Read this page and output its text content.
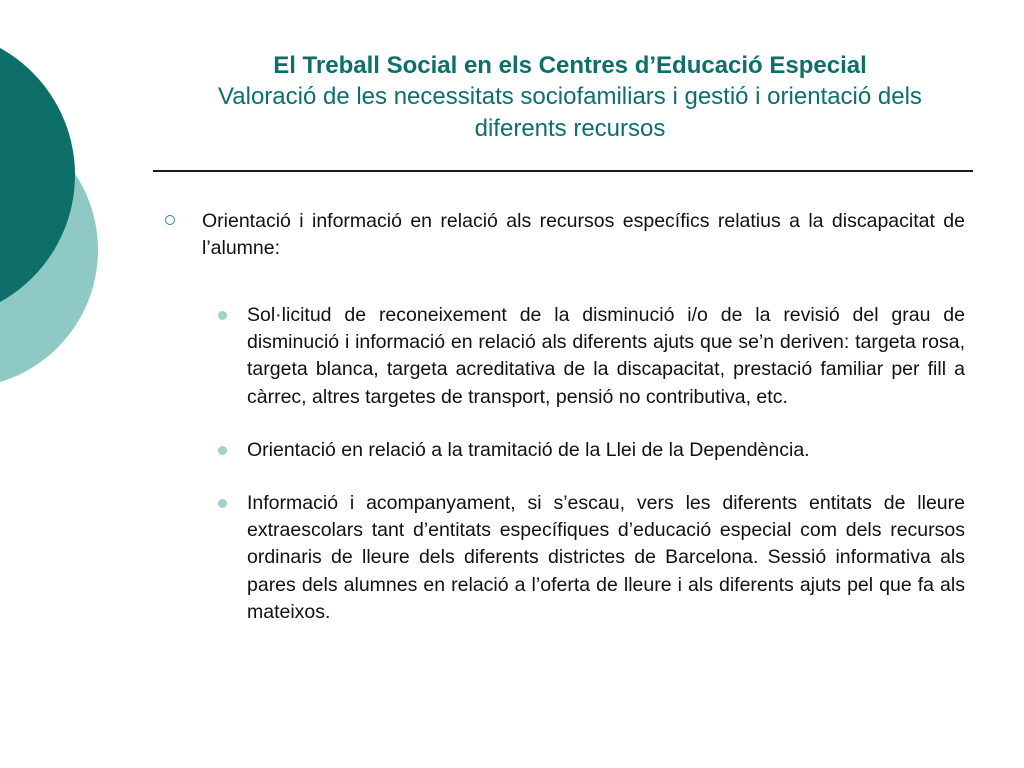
El Treball Social en els Centres d’Educació Especial
Valoració de les necessitats sociofamiliars i gestió i orientació dels diferents recursos
Orientació i informació en relació als recursos específics relatius a la discapacitat de l’alumne:
Sol·licitud de reconeixement de la disminució i/o de la revisió del grau de disminució i informació en relació als diferents ajuts que se’n deriven: targeta rosa, targeta blanca, targeta acreditativa de la discapacitat, prestació familiar per fill a càrrec, altres targetes de transport, pensió no contributiva, etc.
Orientació en relació a la tramitació de la Llei de la Dependència.
Informació i acompanyament, si s’escau, vers les diferents entitats de lleure extraescolars tant d’entitats específiques d’educació especial com dels recursos ordinaris de lleure dels diferents districtes de Barcelona. Sessió informativa als pares dels alumnes en relació a l’oferta de lleure i als diferents ajuts pel que fa als mateixos.
